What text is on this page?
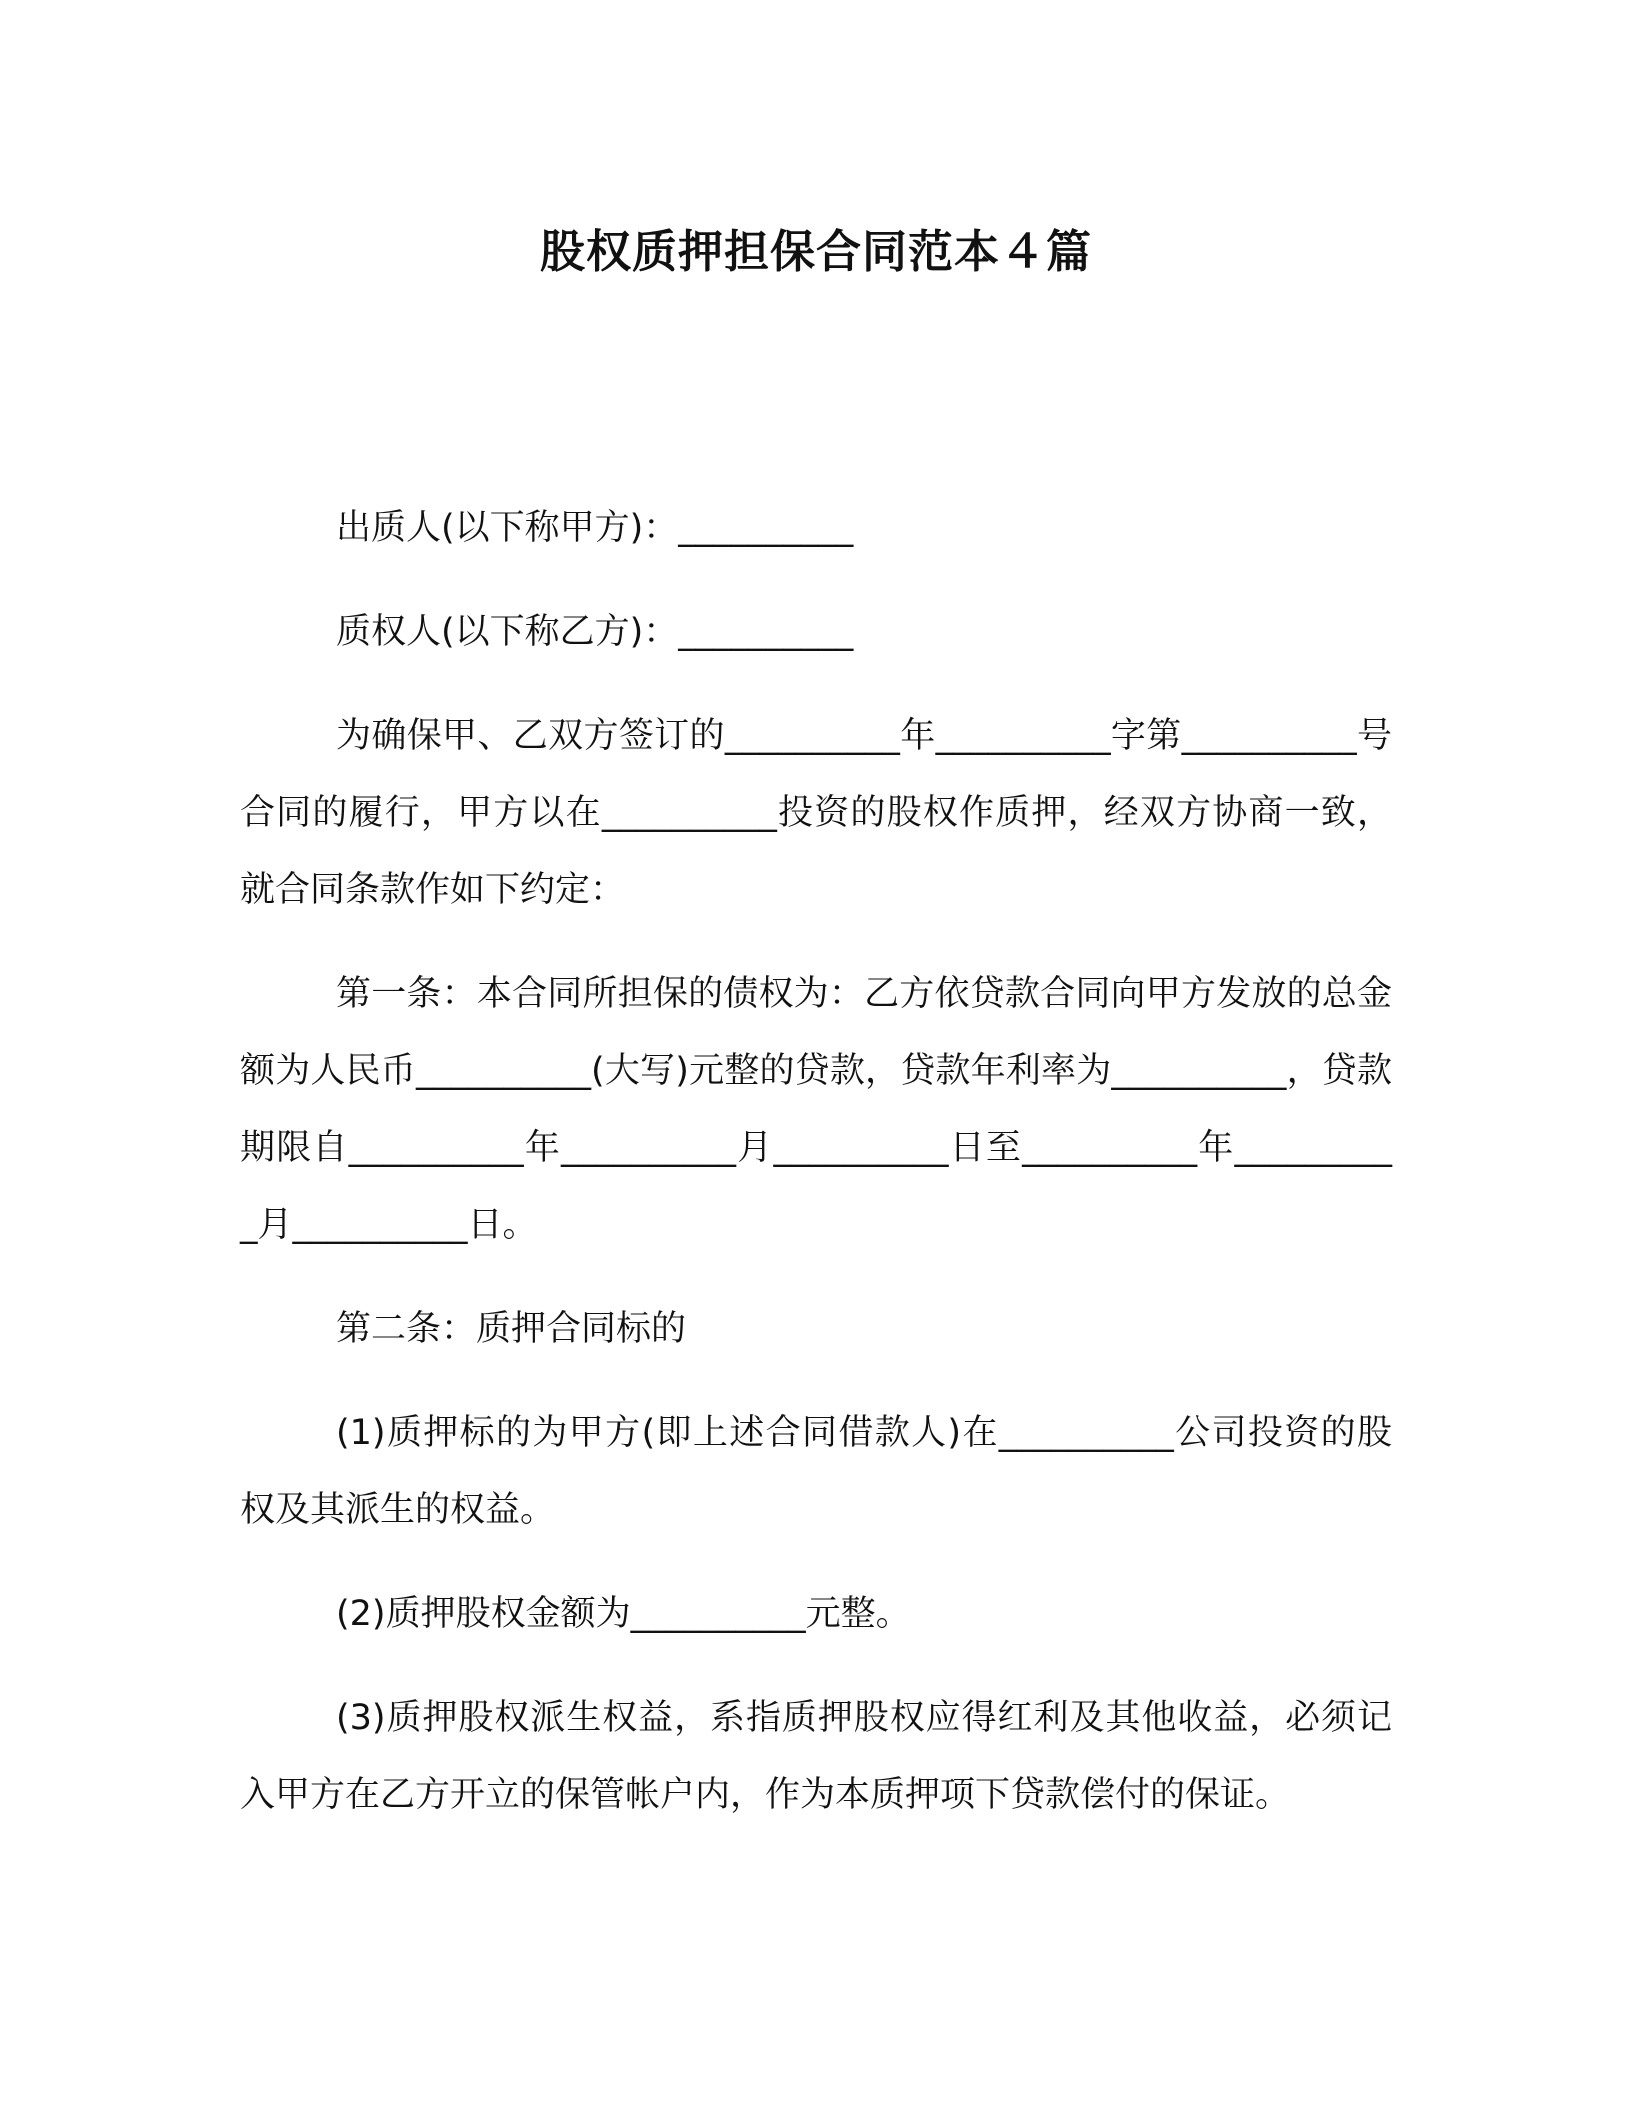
股权质押担保合同范本４篇

出质人(以下称甲方)：__________

质权人(以下称乙方)：__________

为确保甲、乙双方签订的__________年__________字第__________号合同的履行，甲方以在__________投资的股权作质押，经双方协商一致，就合同条款作如下约定：

第一条：本合同所担保的债权为：乙方依贷款合同向甲方发放的总金额为人民币__________(大写)元整的贷款，贷款年利率为__________，贷款期限自__________年__________月__________日至__________年__________月__________日。

第二条：质押合同标的

(1)质押标的为甲方(即上述合同借款人)在__________公司投资的股权及其派生的权益。

(2)质押股权金额为__________元整。

(3)质押股权派生权益，系指质押股权应得红利及其他收益，必须记入甲方在乙方开立的保管帐户内，作为本质押项下贷款偿付的保证。
